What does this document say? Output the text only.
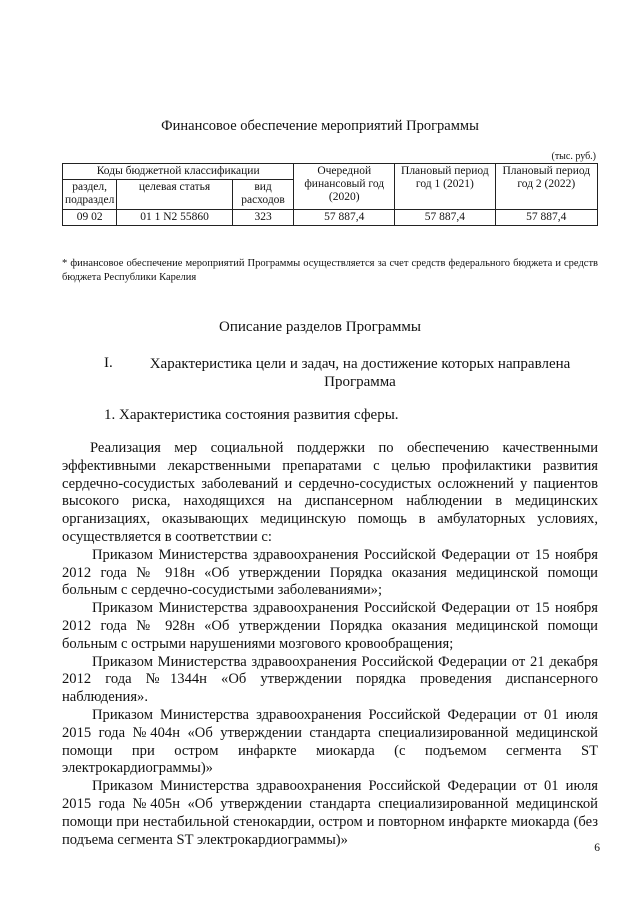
Финансовое обеспечение мероприятий Программы
(тыс. руб.)
Коды бюджетной классификации			Очередной финансовый год (2020)	Плановый период год 1 (2021)	Плановый период год 2 (2022)
раздел, подраздел	целевая статья	вид расходов			
09 02	01 1 N2 55860	323	57 887,4	57 887,4	57 887,4
* финансовое обеспечение мероприятий Программы осуществляется за счет средств федерального бюджета и средств бюджета Республики Карелия
Описание разделов Программы
I.	Характеристика цели и задач, на достижение которых направлена Программа
1. Характеристика состояния развития сферы.

Реализация мер социальной поддержки по обеспечению качественными эффективными лекарственными препаратами с целью профилактики развития сердечно-сосудистых заболеваний и сердечно-сосудистых осложнений у пациентов высокого риска, находящихся на диспансерном наблюдении в медицинских организациях, оказывающих медицинскую помощь в амбулаторных условиях, осуществляется в соответствии с:

Приказом Министерства здравоохранения Российской Федерации от 15 ноября 2012 года № 918н «Об утверждении Порядка оказания медицинской помощи больным с сердечно-сосудистыми заболеваниями»;

Приказом Министерства здравоохранения Российской Федерации от 15 ноября 2012 года № 928н «Об утверждении Порядка оказания медицинской помощи больным с острыми нарушениями мозгового кровообращения;

Приказом Министерства здравоохранения Российской Федерации от 21 декабря 2012 года №1344н «Об утверждении порядка проведения диспансерного наблюдения».

Приказом Министерства здравоохранения Российской Федерации от 01 июля 2015 года №404н «Об утверждении стандарта специализированной медицинской помощи при остром инфаркте миокарда (с подъемом сегмента ST электрокардиограммы)»

Приказом Министерства здравоохранения Российской Федерации от 01 июля 2015 года №405н «Об утверждении стандарта специализированной медицинской помощи при нестабильной стенокардии, остром и повторном инфаркте миокарда (без подъема сегмента ST электрокардиограммы)»

6
